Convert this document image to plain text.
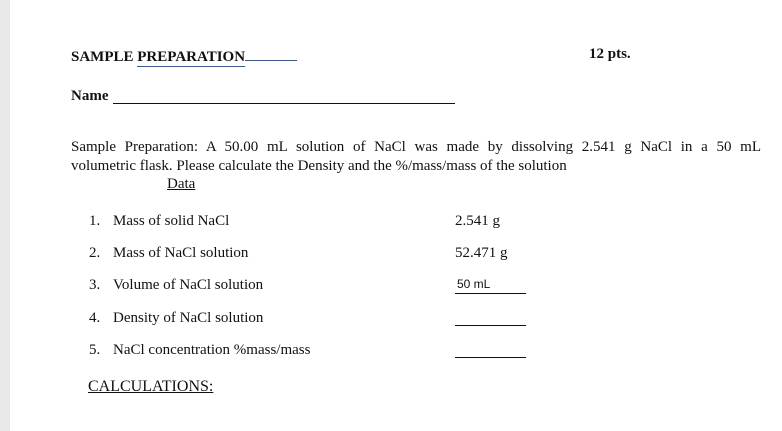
SAMPLE PREPARATION	12 pts.
Name
Sample Preparation: A 50.00 mL solution of NaCl was made by dissolving 2.541 g NaCl in a 50 mL
volumetric flask. Please calculate the Density and the %/mass/mass of the solution
Data
1. Mass of solid NaCl	2.541 g
2. Mass of NaCl solution	52.471 g
3. Volume of NaCl solution	50 mL
4. Density of NaCl solution
5. NaCl concentration %mass/mass
CALCULATIONS:
